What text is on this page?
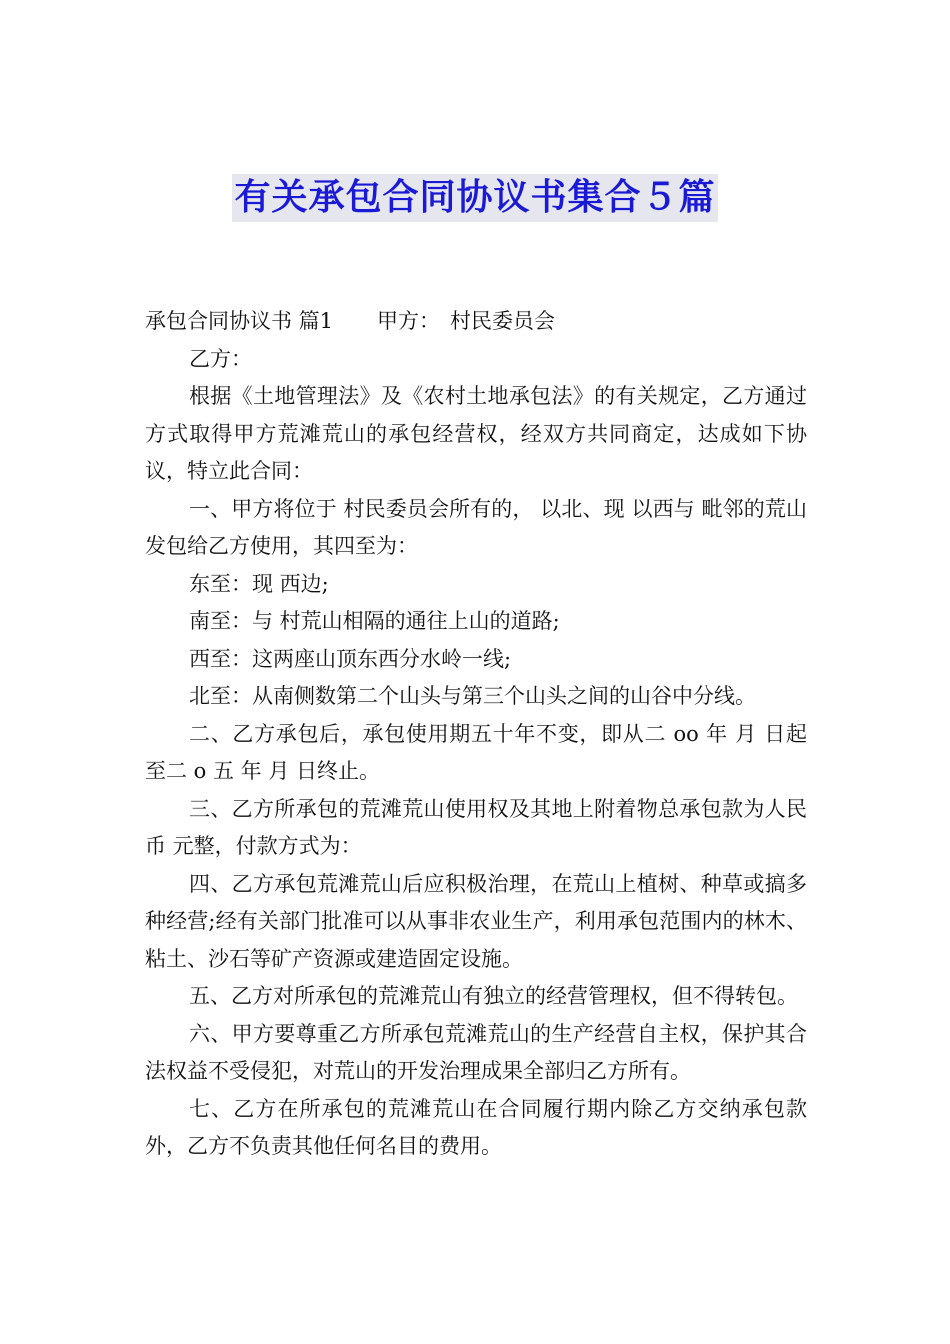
有关承包合同协议书集合５篇

承包合同协议书 篇1 甲方： 村民委员会

乙方：

根据《土地管理法》及《农村土地承包法》的有关规定，乙方通过 方式取得甲方荒滩荒山的承包经营权，经双方共同商定，达成如下协议，特立此合同：

一、甲方将位于 村民委员会所有的， 以北、现 以西与 毗邻的荒山发包给乙方使用，其四至为：

东至：现 西边;

南至：与 村荒山相隔的通往上山的道路;

西至：这两座山顶东西分水岭一线;

北至：从南侧数第二个山头与第三个山头之间的山谷中分线。

二、乙方承包后，承包使用期五十年不变，即从二 oo 年 月 日起至二 o 五 年 月 日终止。

三、乙方所承包的荒滩荒山使用权及其地上附着物总承包款为人民币 元整，付款方式为：

四、乙方承包荒滩荒山后应积极治理，在荒山上植树、种草或搞多种经营;经有关部门批准可以从事非农业生产，利用承包范围内的林木、粘土、沙石等矿产资源或建造固定设施。

五、乙方对所承包的荒滩荒山有独立的经营管理权，但不得转包。

六、甲方要尊重乙方所承包荒滩荒山的生产经营自主权，保护其合法权益不受侵犯，对荒山的开发治理成果全部归乙方所有。

七、乙方在所承包的荒滩荒山在合同履行期内除乙方交纳承包款外，乙方不负责其他任何名目的费用。
